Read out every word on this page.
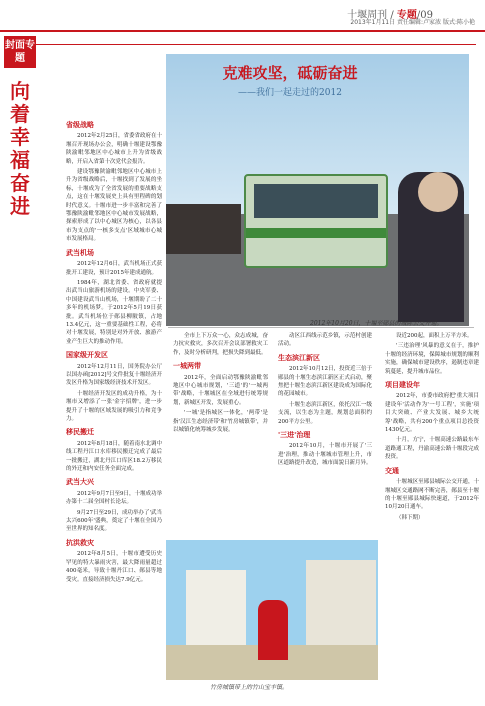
十堰周刊 / 专题/09
2013年1月11日 责任编辑:卢家浓 版式:陈小艳
封面专题
向着幸福奋进
克难攻坚，砥砺奋进
——我们一起走过的2012
2012年10月20日，十堰至郧县的城际公交开通。
省级战略

2012年2月25日，省委省政府在十堰召开现场办公会，明确十堰建设鄂豫陕渝毗邻地区中心城市上升为省级战略，开启入省第十次党代会报告。

建设鄂豫陕渝毗邻地区中心城市上升为省级战略后，十堰找到了发展的坐标，十堰成为了全省发展的重要战略支点，这在十堰发展史上具有里程碑的划时代意义。十堰市进一步丰富和完善了鄂豫陕渝毗邻地区中心城市发展战略，探索形成了以中心城区为核心，以各县市为支点的'一核多支点'区域城市心城市发展格局。

武当机场

2012年12月6日，武当机场正式获批开工建设，预计2015年建成通航。

1984年，湖北省委、省政府就提出武当山旅游机场的建设。中央军委、中国建设武当山机场，十堰期盼了二十多年的机场梦。于2012年5月19日获批。武当机场位于郧县柳陂镇，占地13.4亿元，这一重要基础性工程，必将对十堰发展，特别是对外开放、旅游产业产生巨大的推动作用。

国家级开发区

2012年12月11日，国务院办公厅以国办函[2012]号文件批复十堰经济开发区升格为国家级经济技术开发区。

十堰经济开发区的成功升格，为十堰市又增添了一张'金字招牌'，进一步提升了十堰的区域发展的吸引力和竞争力。

移民搬迁

2012年8月18日，随着南水北调中线工程丹江口水库移民搬迁完成了最后一批搬迁，湖北丹江口库区18.2万移民的外迁和内安任务全面完成。

武当大兴

2012年9月7日至9日，十堰成功举办第十二届全国村长论坛。

9月27日至29日，成功举办了'武当太兴600年'盛典，奠定了十堰在全国乃至世界的知名度。

抗洪救灾

2012年8月5日，十堰市遭受历史罕见的特大暴雨灾害，最大降雨量超过400毫米，导致十堰丹江口、郧县等地受灾。直接经济损失达7.9亿元。

全市上下万众一心，众志成城，奋力抗灾救灾，多次召开会议部署救灾工作，及时分析研判，把损失降到最低。

一城两带

2012年，全面启动鄂豫陕渝毗邻地区中心城市规划，'三道'的'一城两带'战略，十堰城区在全域进行统筹规划，新城区开发，发展重心。

'一城'是指城区一体化，'两带'是指'汉江生态经济带'和'竹房城镇带'，并以城镇化统筹城乡发展。

动区江西线示范乡镇，示范村创建活动。

生态滨江新区

2012年10月12日，投资近三倍于郧县的十堰生态滨江新区正式启动，聚焦把十堰生态滨江新区建设成为国际化的花园城市。

十堰生态滨江新区，依托汉江一级支流，以生态为主题，规划总面积约200平方公里。

'三进'治理

2012年10月，十堰市开展了'三进'治理，推动十堰城市管理上升，市区道路提升改造，城市面貌日新月异。

设近200起，面积上万平方米。

'三违治理'风暴的意义在于，推护十堰的经济环境，保障城市规划的顺利实施，确保城市建设秩序，遏制违章建筑蔓延，提升城市品位。

项目建设年

2012年，市委市政府把'重大项目建设年'活动作为'一号工程'，实施'项目大突破、产业大发展、城乡大统筹'战略，共有200个重点项目总投资1430亿元。

十月，方宁，十堰高速公路最东车道路通工程，丹渝高速公路十堰段完成投资。

交通

十堰城区至郧县城际公交开通，十堰城区交通路网不断完善，郧县至十堰的十堰至郧县城际快速道，于2012年10月20日通车。

（韩下期）

竹房城镇带上的竹山宝丰镇。
